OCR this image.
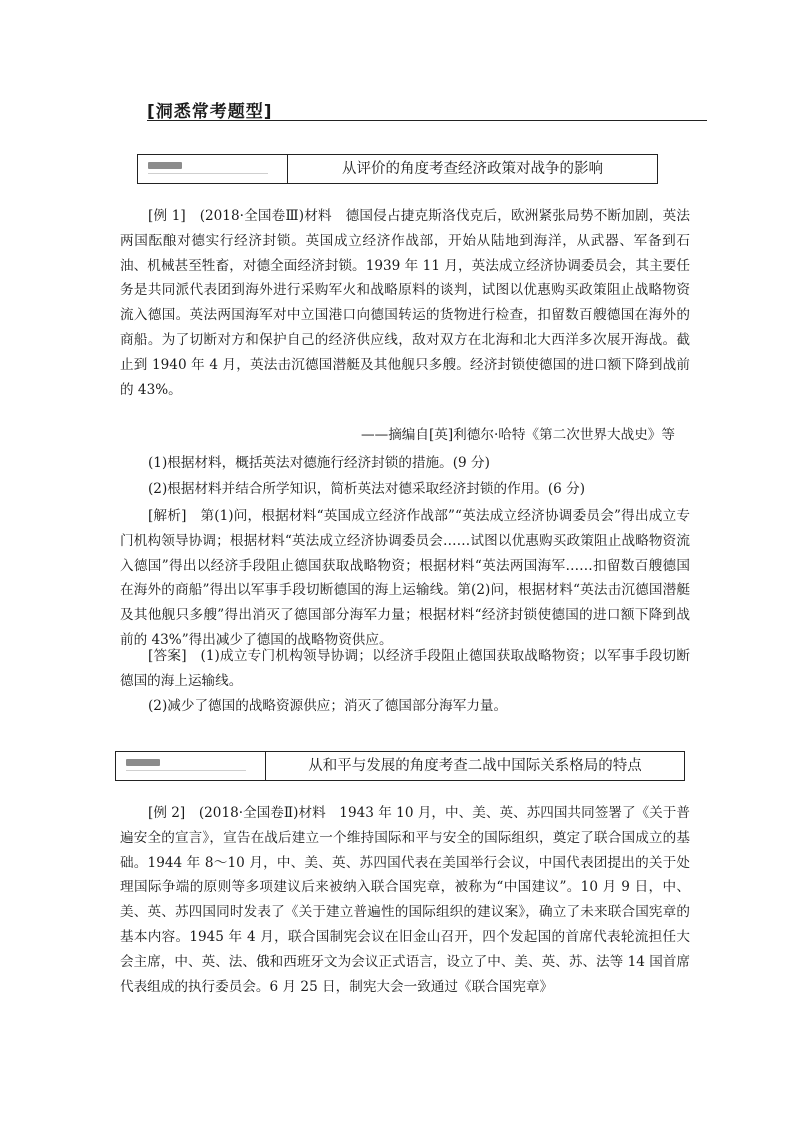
[洞悉常考题型]
从评价的角度考查经济政策对战争的影响

[例 1]　(2018·全国卷Ⅲ)材料　德国侵占捷克斯洛伐克后，欧洲紧张局势不断加剧，英法两国酝酿对德实行经济封锁。英国成立经济作战部，开始从陆地到海洋，从武器、军备到石油、机械甚至牲畜，对德全面经济封锁。1939 年 11 月，英法成立经济协调委员会，其主要任务是共同派代表团到海外进行采购军火和战略原料的谈判，试图以优惠购买政策阻止战略物资流入德国。英法两国海军对中立国港口向德国转运的货物进行检查，扣留数百艘德国在海外的商船。为了切断对方和保护自己的经济供应线，敌对双方在北海和北大西洋多次展开海战。截止到 1940 年 4 月，英法击沉德国潜艇及其他舰只多艘。经济封锁使德国的进口额下降到战前的 43%。

——摘编自[英]利德尔·哈特《第二次世界大战史》等

(1)根据材料，概括英法对德施行经济封锁的措施。(9 分)

(2)根据材料并结合所学知识，简析英法对德采取经济封锁的作用。(6 分)

[解析]　第(1)问，根据材料“英国成立经济作战部”“英法成立经济协调委员会”得出成立专门机构领导协调；根据材料“英法成立经济协调委员会……试图以优惠购买政策阻止战略物资流入德国”得出以经济手段阻止德国获取战略物资；根据材料“英法两国海军……扣留数百艘德国在海外的商船”得出以军事手段切断德国的海上运输线。第(2)问，根据材料“英法击沉德国潜艇及其他舰只多艘”得出消灭了德国部分海军力量；根据材料“经济封锁使德国的进口额下降到战前的 43%”得出减少了德国的战略物资供应。

[答案]　(1)成立专门机构领导协调；以经济手段阻止德国获取战略物资；以军事手段切断德国的海上运输线。

(2)减少了德国的战略资源供应；消灭了德国部分海军力量。

从和平与发展的角度考查二战中国际关系格局的特点

[例 2]　(2018·全国卷Ⅱ)材料　1943 年 10 月，中、美、英、苏四国共同签署了《关于普遍安全的宣言》，宣告在战后建立一个维持国际和平与安全的国际组织，奠定了联合国成立的基础。1944 年 8～10 月，中、美、英、苏四国代表在美国举行会议，中国代表团提出的关于处理国际争端的原则等多项建议后来被纳入联合国宪章，被称为“中国建议”。10 月 9 日，中、美、英、苏四国同时发表了《关于建立普遍性的国际组织的建议案》，确立了未来联合国宪章的基本内容。1945 年 4 月，联合国制宪会议在旧金山召开，四个发起国的首席代表轮流担任大会主席，中、英、法、俄和西班牙文为会议正式语言，设立了中、美、英、苏、法等 14 国首席代表组成的执行委员会。6 月 25 日，制宪大会一致通过《联合国宪章》
